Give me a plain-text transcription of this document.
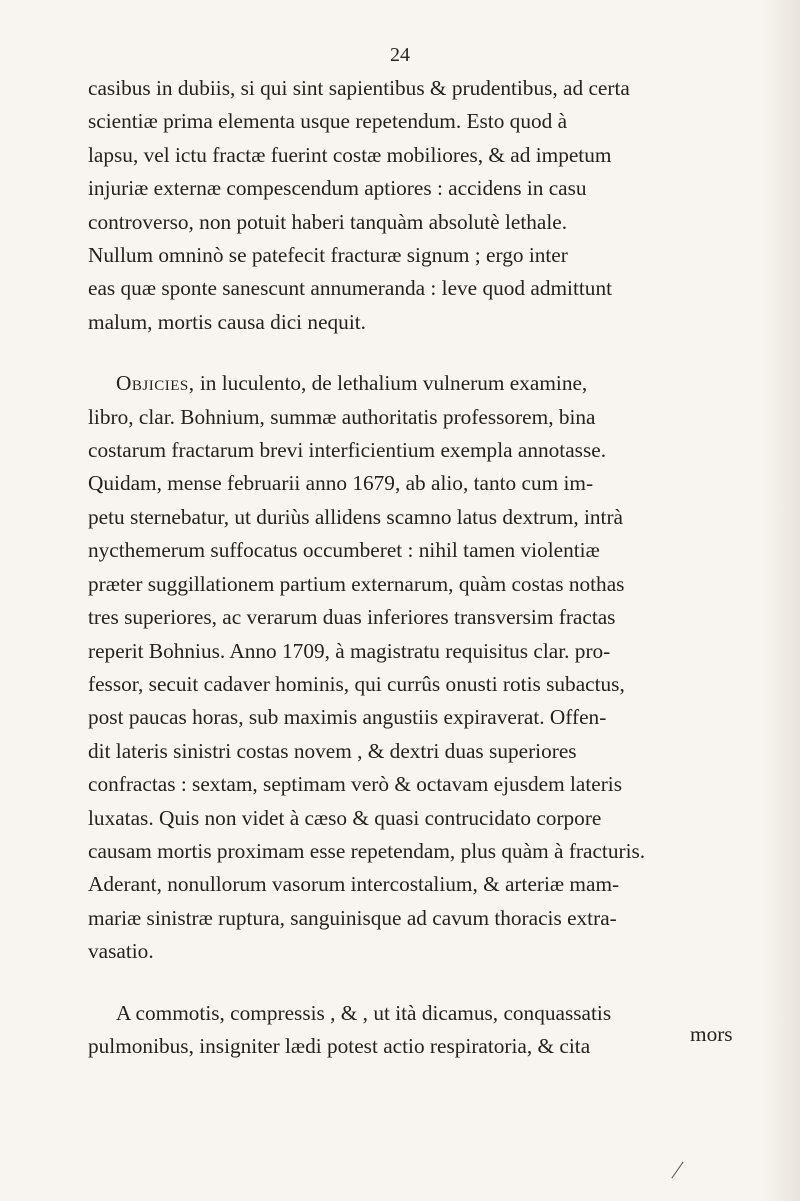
24

casibus in dubiis, si qui sint sapientibus & prudentibus, ad certa
scientiæ prima elementa usque repetendum. Esto quod à
lapsu, vel ictu fractæ fuerint costæ mobiliores, & ad impetum
injuriæ externæ compescendum aptiores : accidens in casu
controverso, non potuit haberi tanquàm absolutè lethale.
Nullum omninò se patefecit fracturæ signum ; ergo inter
eas quæ sponte sanescunt annumeranda : leve quod admittunt
malum, mortis causa dici nequit.

Objicies, in luculento, de lethalium vulnerum examine,
libro, clar. Bohnium, summæ authoritatis professorem, bina
costarum fractarum brevi interficientium exempla annotasse.
Quidam, mense februarii anno 1679, ab alio, tanto cum im-
petu sternebatur, ut duriùs allidens scamno latus dextrum, intrà
nycthemerum suffocatus occumberet : nihil tamen violentiæ
præter suggillationem partium externarum, quàm costas nothas
tres superiores, ac verarum duas inferiores transversim fractas
reperit Bohnius. Anno 1709, à magistratu requisitus clar. pro-
fessor, secuit cadaver hominis, qui currûs onusti rotis subactus,
post paucas horas, sub maximis angustiis expiraverat. Offen-
dit lateris sinistri costas novem , & dextri duas superiores
confractas : sextam, septimam verò & octavam ejusdem lateris
luxatas. Quis non videt à cæso & quasi contrucidato corpore
causam mortis proximam esse repetendam, plus quàm à fracturis.
Aderant, nonullorum vasorum intercostalium, & arteriæ mam-
mariæ sinistræ ruptura, sanguinisque ad cavum thoracis extra-
vasatio.

A commotis, compressis , & , ut ità dicamus, conquassatis
pulmonibus, insigniter lædi potest actio respiratoria, & cita	mors
